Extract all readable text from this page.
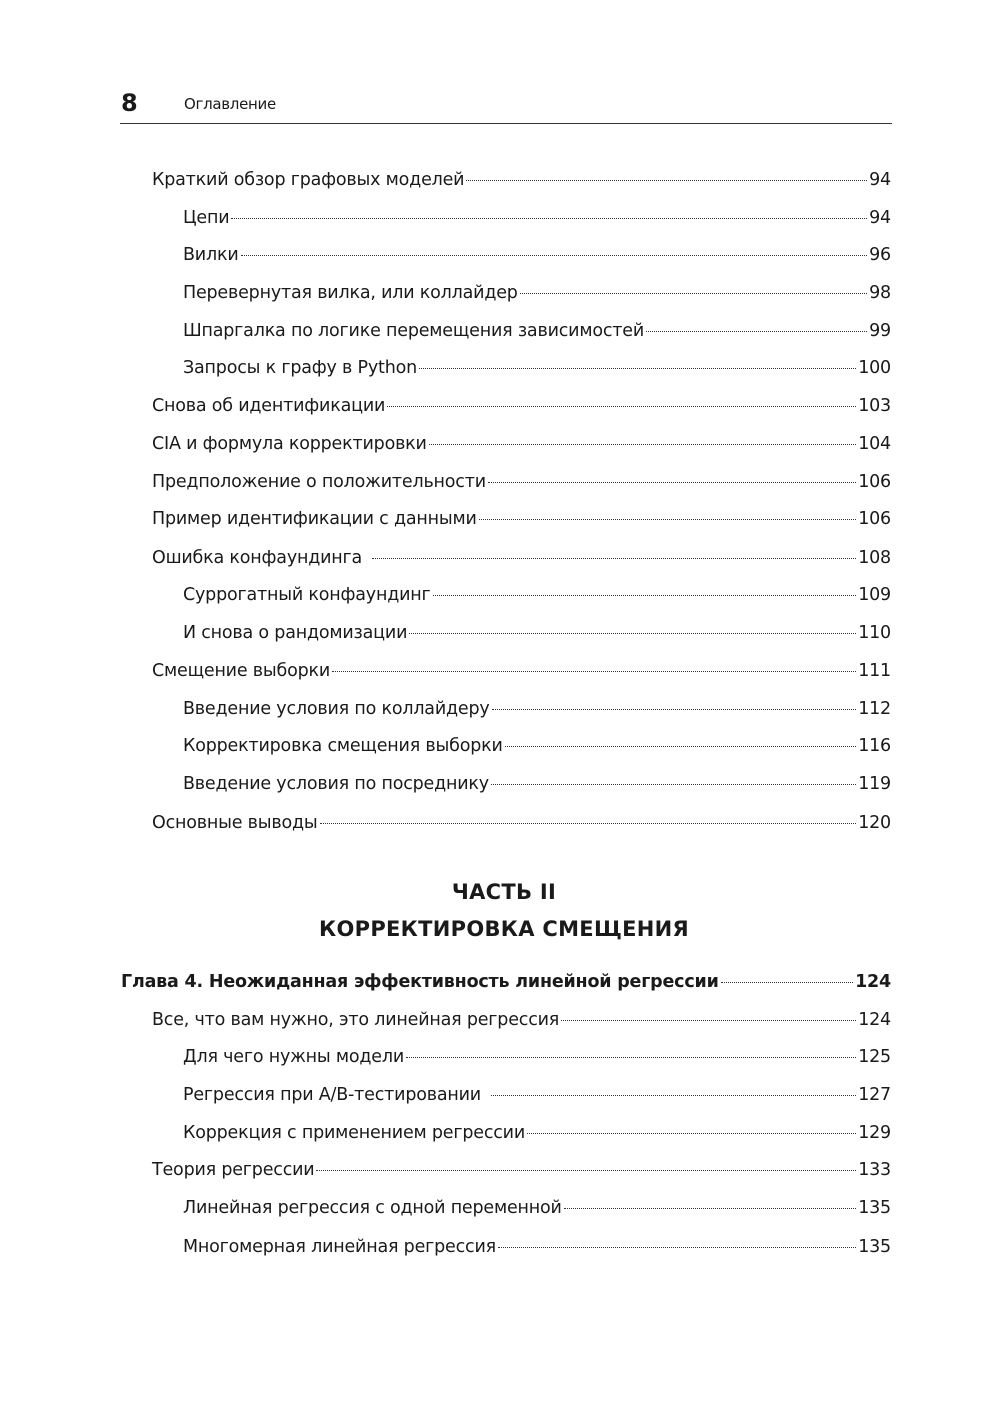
8	Оглавление
Краткий обзор графовых моделей	94
Цепи	94
Вилки	96
Перевернутая вилка, или коллайдер	98
Шпаргалка по логике перемещения зависимостей	99
Запросы к графу в Python	100
Снова об идентификации	103
CIA и формула корректировки	104
Предположение о положительности	106
Пример идентификации с данными	106
Ошибка конфаундинга	108
Суррогатный конфаундинг	109
И снова о рандомизации	110
Смещение выборки	111
Введение условия по коллайдеру	112
Корректировка смещения выборки	116
Введение условия по посреднику	119
Основные выводы	120
ЧАСТЬ II
КОРРЕКТИРОВКА СМЕЩЕНИЯ
Глава 4. Неожиданная эффективность линейной регрессии	124
Все, что вам нужно, это линейная регрессия	124
Для чего нужны модели	125
Регрессия при A/B-тестировании	127
Коррекция с применением регрессии	129
Теория регрессии	133
Линейная регрессия с одной переменной	135
Многомерная линейная регрессия	135
